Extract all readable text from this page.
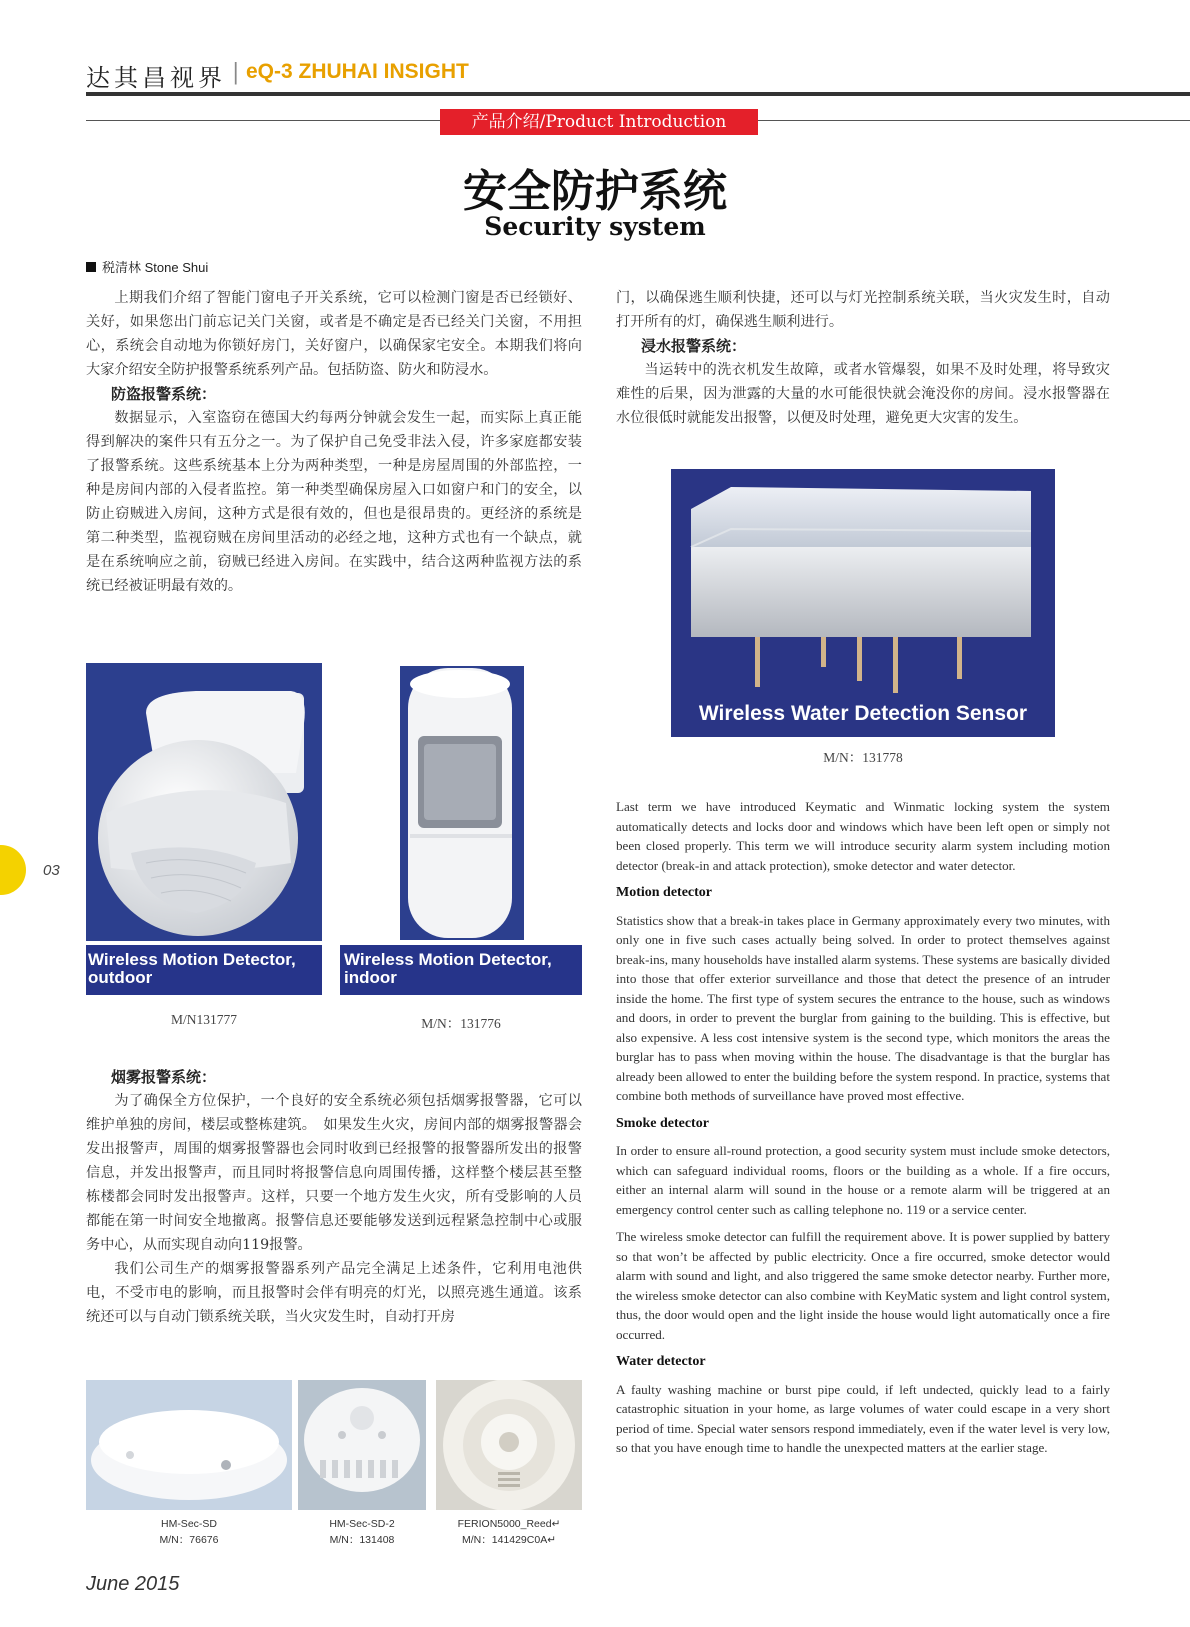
达其昌视界 | eQ-3 ZHUHAI INSIGHT
产品介绍/Product Introduction
安全防护系统
Security system
税清林 Stone Shui

上期我们介绍了智能门窗电子开关系统，它可以检测门窗是否已经锁好、关好，如果您出门前忘记关门关窗，或者是不确定是否已经关门关窗，不用担心，系统会自动地为你锁好房门，关好窗户，以确保家宅安全。本期我们将向大家介绍安全防护报警系统系列产品。包括防盗、防火和防浸水。

防盗报警系统：

数据显示，入室盗窃在德国大约每两分钟就会发生一起，而实际上真正能得到解决的案件只有五分之一。为了保护自己免受非法入侵，许多家庭都安装了报警系统。这些系统基本上分为两种类型，一种是房屋周围的外部监控，一种是房间内部的入侵者监控。第一种类型确保房屋入口如窗户和门的安全，以防止窃贼进入房间，这种方式是很有效的，但也是很昂贵的。更经济的系统是第二种类型，监视窃贼在房间里活动的必经之地，这种方式也有一个缺点，就是在系统响应之前，窃贼已经进入房间。在实践中，结合这两种监视方法的系统已经被证明最有效的。

Wireless Motion Detector, outdoor
M/N131777
Wireless Motion Detector, indoor
M/N：131776
烟雾报警系统：

为了确保全方位保护，一个良好的安全系统必须包括烟雾报警器，它可以维护单独的房间，楼层或整栋建筑。　如果发生火灾，房间内部的烟雾报警器会发出报警声，周围的烟雾报警器也会同时收到已经报警的报警器所发出的报警信息，并发出报警声，而且同时将报警信息向周围传播，这样整个楼层甚至整栋楼都会同时发出报警声。这样，只要一个地方发生火灾，所有受影响的人员都能在第一时间安全地撤离。报警信息还要能够发送到远程紧急控制中心或服务中心，从而实现自动向119报警。

我们公司生产的烟雾报警器系列产品完全满足上述条件，它利用电池供电，不受市电的影响，而且报警时会伴有明亮的灯光，以照亮逃生通道。该系统还可以与自动门锁系统关联，当火灾发生时，自动打开房

HM-Sec-SD
M/N：76676
HM-Sec-SD-2
M/N：131408
FERION5000_Reed↵
M/N：141429C0A↵

门，以确保逃生顺利快捷，还可以与灯光控制系统关联，当火灾发生时，自动打开所有的灯，确保逃生顺利进行。

浸水报警系统：

当运转中的洗衣机发生故障，或者水管爆裂，如果不及时处理，将导致灾难性的后果，因为泄露的大量的水可能很快就会淹没你的房间。浸水报警器在水位很低时就能发出报警，以便及时处理，避免更大灾害的发生。

Wireless Water Detection Sensor
M/N：131778

Last term we have introduced Keymatic and Winmatic locking system the system automatically detects and locks door and windows which have been left open or simply not been closed properly. This term we will introduce security alarm system including motion detector (break-in and attack protection), smoke detector and water detector.

Motion detector

Statistics show that a break-in takes place in Germany approximately every two minutes, with only one in five such cases actually being solved. In order to protect themselves against break-ins, many households have installed alarm systems. These systems are basically divided into those that offer exterior surveillance and those that detect the presence of an intruder inside the home. The first type of system secures the entrance to the house, such as windows and doors, in order to prevent the burglar from gaining to the building. This is effective, but also expensive. A less cost intensive system is the second type, which monitors the areas the burglar has to pass when moving within the house. The disadvantage is that the burglar has already been allowed to enter the building before the system respond. In practice, systems that combine both methods of surveillance have proved most effective.

Smoke detector

In order to ensure all-round protection, a good security system must include smoke detectors, which can safeguard individual rooms, floors or the building as a whole. If a fire occurs, either an internal alarm will sound in the house or a remote alarm will be triggered at an emergency control center such as calling telephone no. 119 or a service center.

The wireless smoke detector can fulfill the requirement above. It is power supplied by battery so that won’t be affected by public electricity. Once a fire occurred, smoke detector would alarm with sound and light, and also triggered the same smoke detector nearby. Further more, the wireless smoke detector can also combine with KeyMatic system and light control system, thus, the door would open and the light inside the house would light automatically once a fire occurred.

Water detector

A faulty washing machine or burst pipe could, if left undected, quickly lead to a fairly catastrophic situation in your home, as large volumes of water could escape in a very short period of time. Special water sensors respond immediately, even if the water level is very low, so that you have enough time to handle the unexpected matters at the earlier stage.

03
June 2015
